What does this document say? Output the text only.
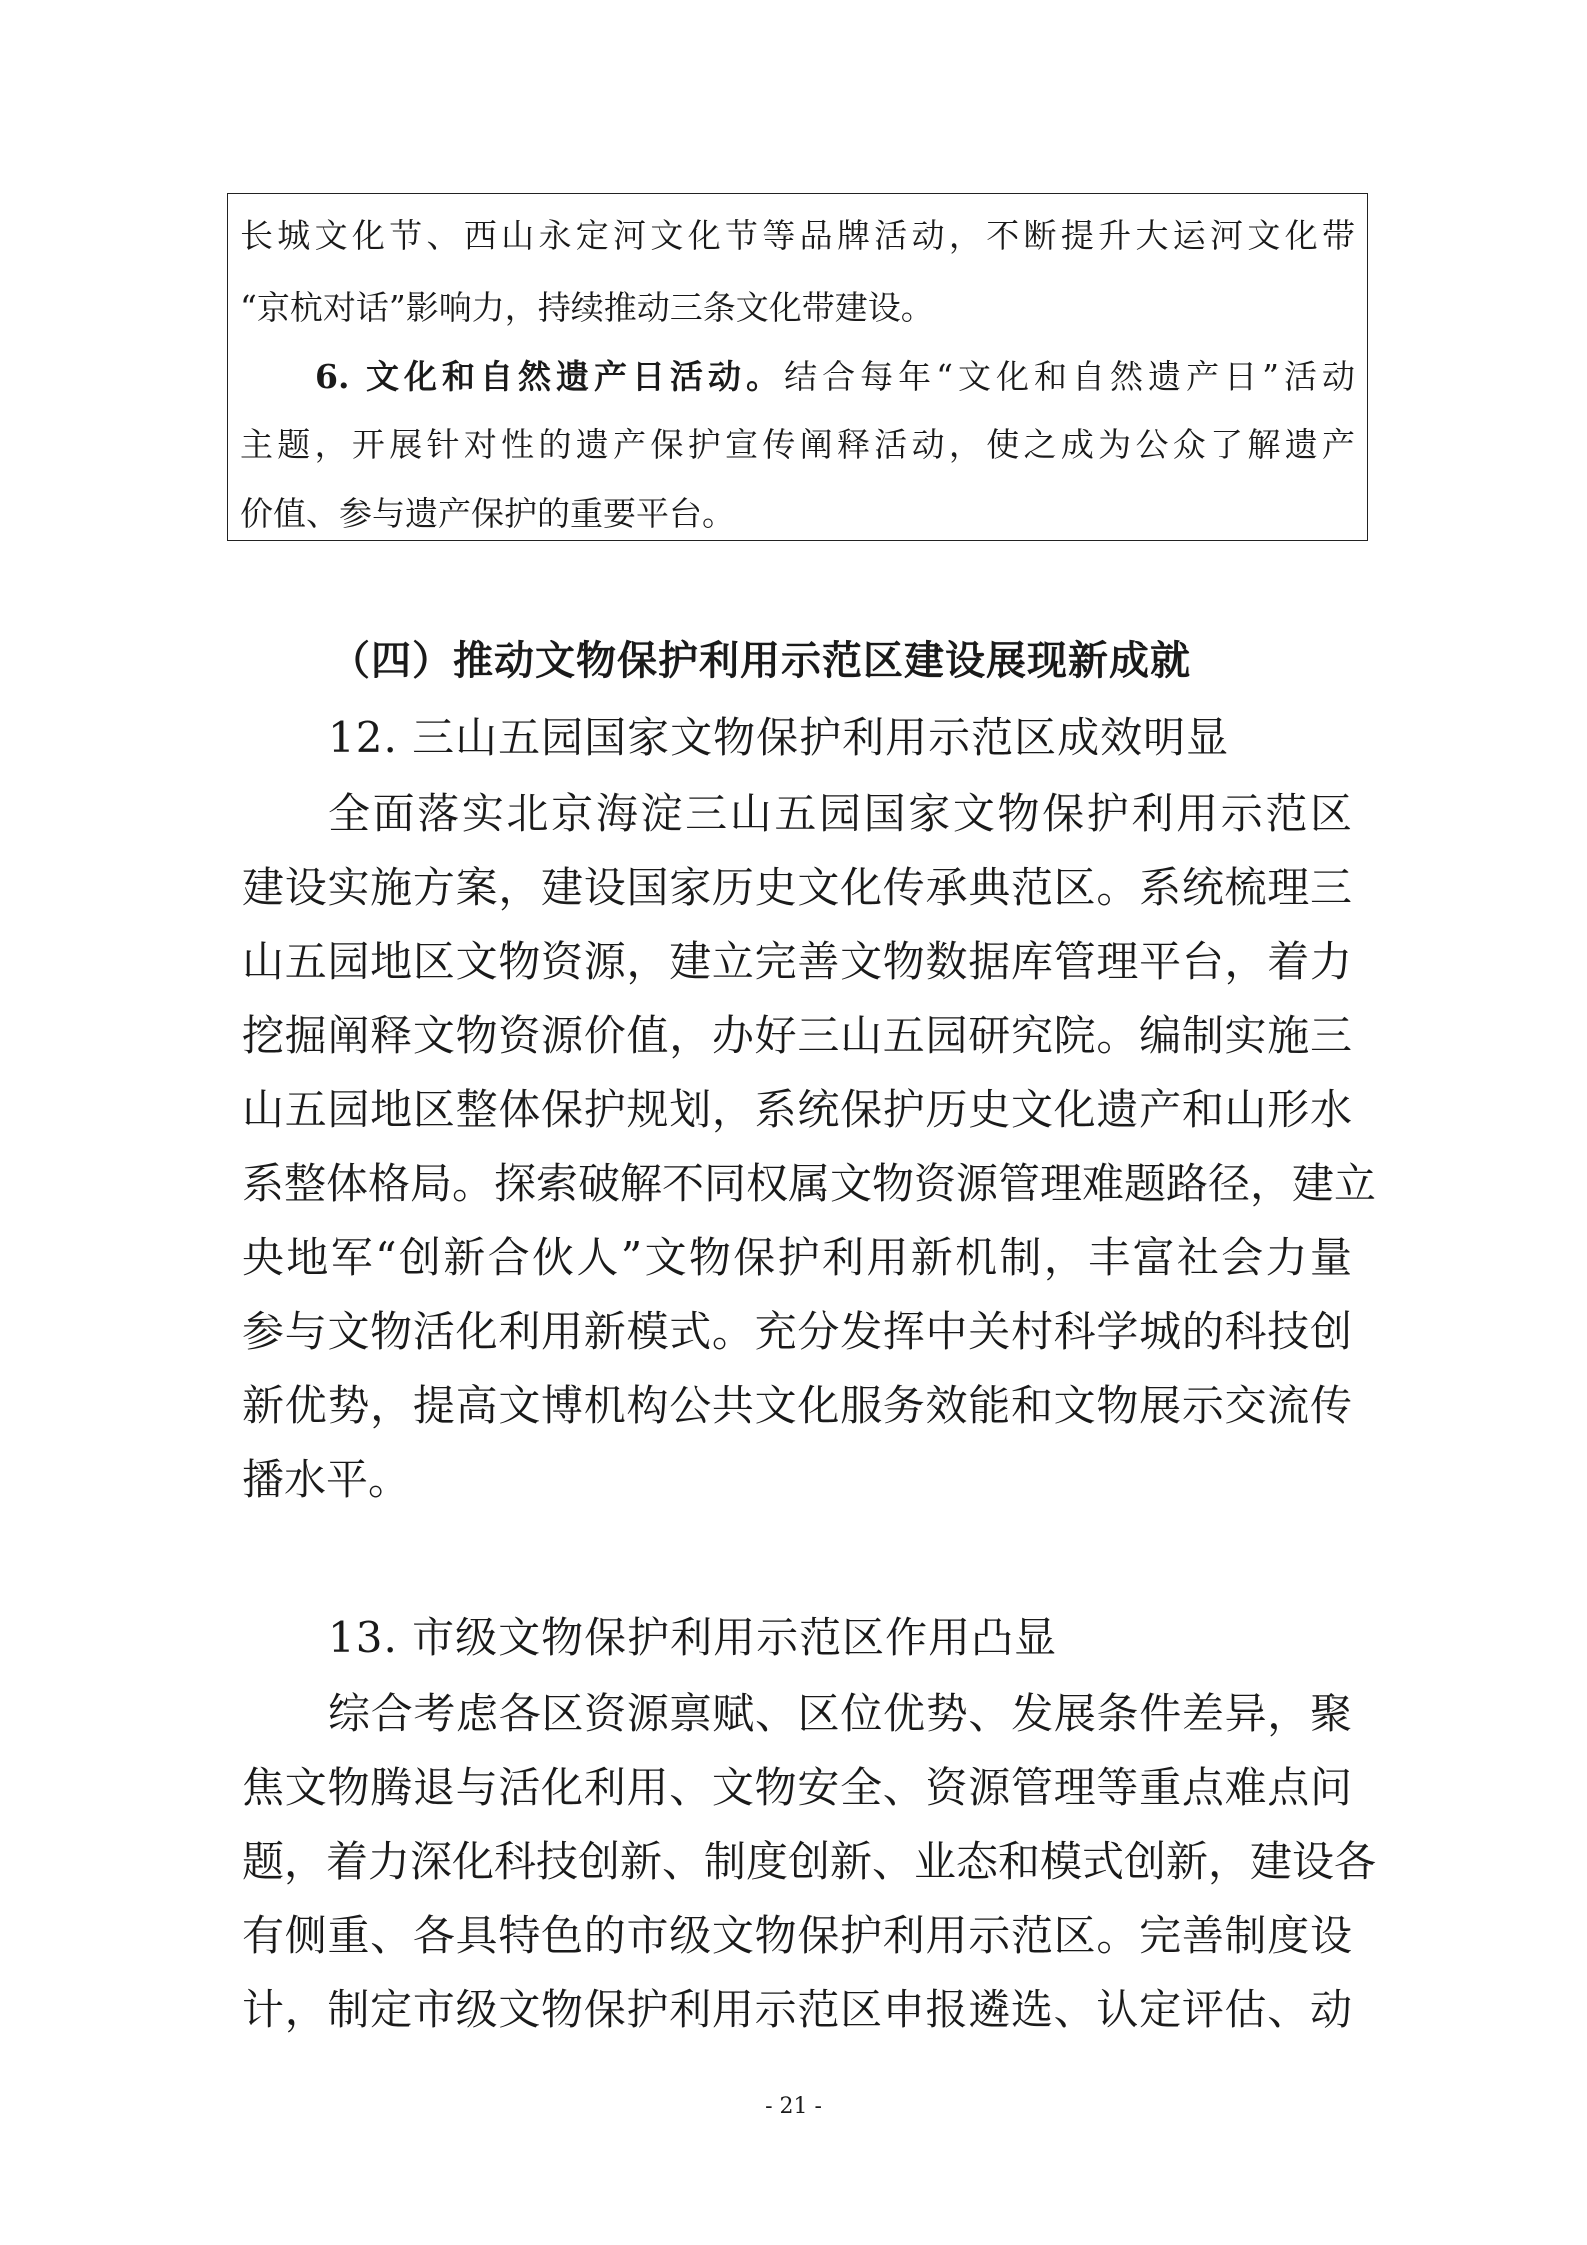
长城文化节、西山永定河文化节等品牌活动，不断提升大运河文化带
“京杭对话”影响力，持续推动三条文化带建设。
6. 文化和自然遗产日活动。结合每年“文化和自然遗产日”活动
主题，开展针对性的遗产保护宣传阐释活动，使之成为公众了解遗产
价值、参与遗产保护的重要平台。
（四）推动文物保护利用示范区建设展现新成就
12. 三山五园国家文物保护利用示范区成效明显
全面落实北京海淀三山五园国家文物保护利用示范区
建设实施方案，建设国家历史文化传承典范区。系统梳理三
山五园地区文物资源，建立完善文物数据库管理平台，着力
挖掘阐释文物资源价值，办好三山五园研究院。编制实施三
山五园地区整体保护规划，系统保护历史文化遗产和山形水
系整体格局。探索破解不同权属文物资源管理难题路径，建立
央地军“创新合伙人”文物保护利用新机制，丰富社会力量
参与文物活化利用新模式。充分发挥中关村科学城的科技创
新优势，提高文博机构公共文化服务效能和文物展示交流传
播水平。
13. 市级文物保护利用示范区作用凸显
综合考虑各区资源禀赋、区位优势、发展条件差异，聚
焦文物腾退与活化利用、文物安全、资源管理等重点难点问
题，着力深化科技创新、制度创新、业态和模式创新，建设各
有侧重、各具特色的市级文物保护利用示范区。完善制度设
计，制定市级文物保护利用示范区申报遴选、认定评估、动
- 21 -
